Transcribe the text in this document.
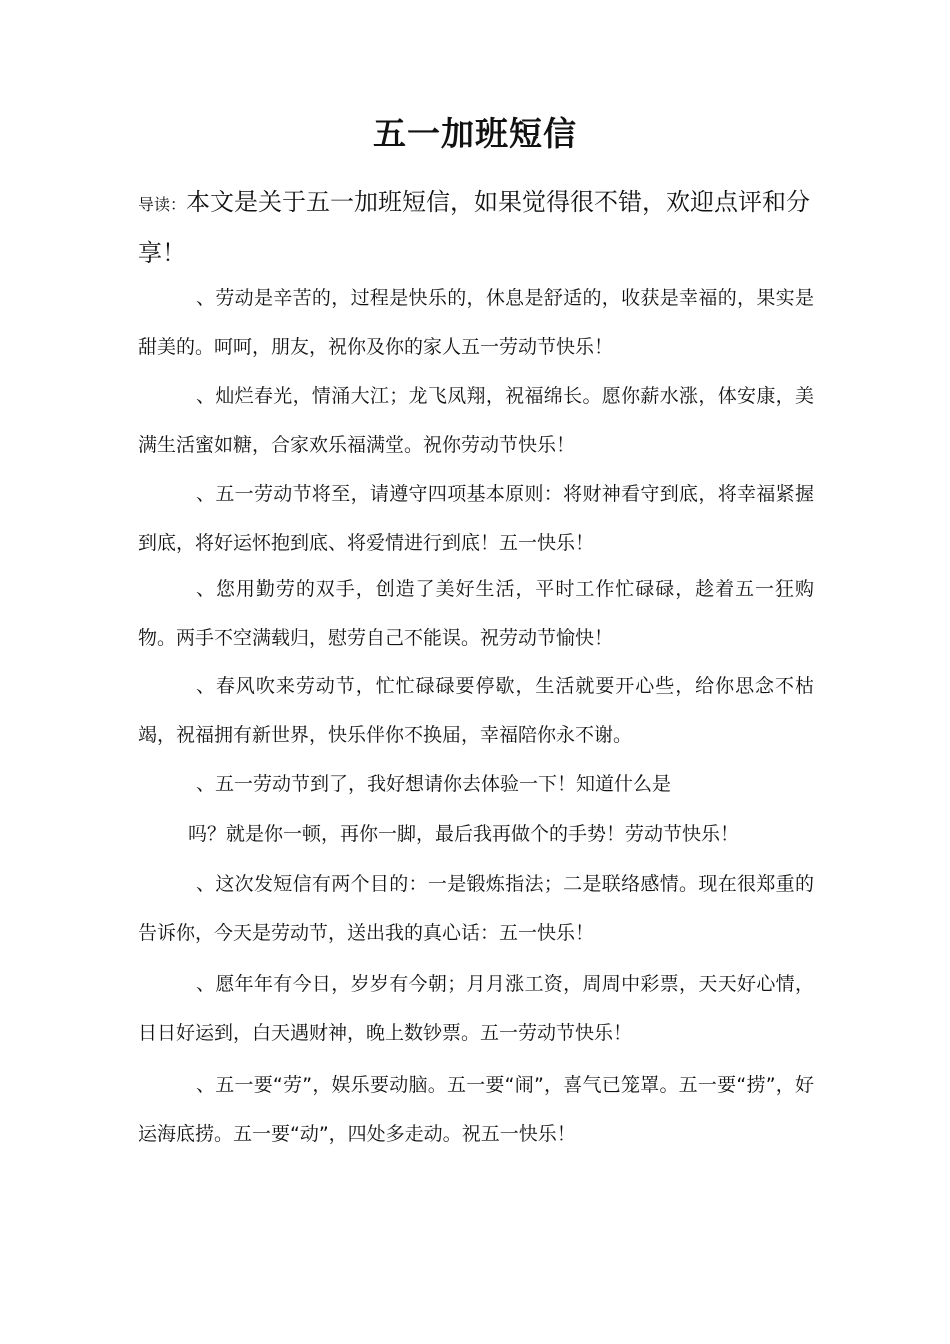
五一加班短信
导读：本文是关于五一加班短信，如果觉得很不错，欢迎点评和分享！
、劳动是辛苦的，过程是快乐的，休息是舒适的，收获是幸福的，果实是甜美的。呵呵，朋友，祝你及你的家人五一劳动节快乐！
、灿烂春光，情涌大江；龙飞凤翔，祝福绵长。愿你薪水涨，体安康，美满生活蜜如糖，合家欢乐福满堂。祝你劳动节快乐！
、五一劳动节将至，请遵守四项基本原则：将财神看守到底，将幸福紧握到底，将好运怀抱到底、将爱情进行到底！五一快乐！
、您用勤劳的双手，创造了美好生活，平时工作忙碌碌，趁着五一狂购物。两手不空满载归，慰劳自己不能误。祝劳动节愉快！
、春风吹来劳动节，忙忙碌碌要停歇，生活就要开心些，给你思念不枯竭，祝福拥有新世界，快乐伴你不换届，幸福陪你永不谢。
、五一劳动节到了，我好想请你去体验一下！知道什么是
吗？就是你一顿，再你一脚，最后我再做个的手势！劳动节快乐！
、这次发短信有两个目的：一是锻炼指法；二是联络感情。现在很郑重的告诉你，今天是劳动节，送出我的真心话：五一快乐！
、愿年年有今日，岁岁有今朝；月月涨工资，周周中彩票，天天好心情，日日好运到，白天遇财神，晚上数钞票。五一劳动节快乐！
、五一要“劳”，娱乐要动脑。五一要“闹”，喜气已笼罩。五一要“捞”，好运海底捞。五一要“动”，四处多走动。祝五一快乐！
